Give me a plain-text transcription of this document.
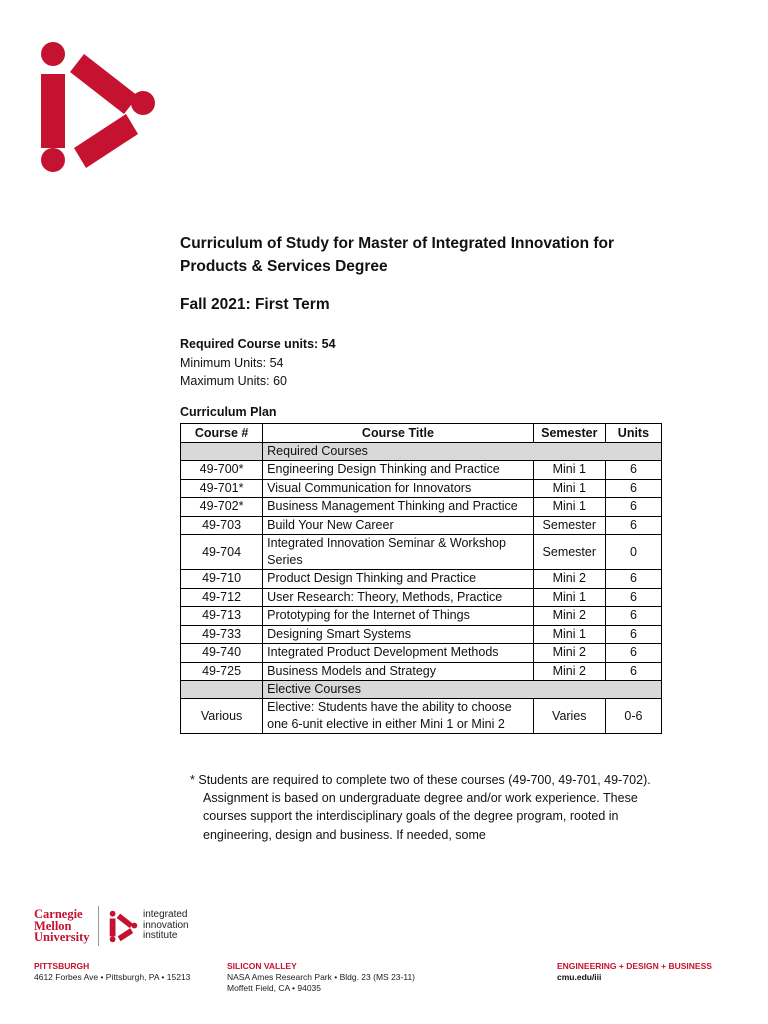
Curriculum of Study for Master of Integrated Innovation for Products & Services Degree
Fall 2021: First Term
Required Course units: 54
Minimum Units: 54
Maximum Units: 60
Curriculum Plan
Course #	Course Title	Semester	Units
	Required Courses		
49-700*	Engineering Design Thinking and Practice	Mini 1	6
49-701*	Visual Communication for Innovators	Mini 1	6
49-702*	Business Management Thinking and Practice	Mini 1	6
49-703	Build Your New Career	Semester	6
49-704	Integrated Innovation Seminar & Workshop Series	Semester	0
49-710	Product Design Thinking and Practice	Mini 2	6
49-712	User Research: Theory, Methods, Practice	Mini 1	6
49-713	Prototyping for the Internet of Things	Mini 2	6
49-733	Designing Smart Systems	Mini 1	6
49-740	Integrated Product Development Methods	Mini 2	6
49-725	Business Models and Strategy	Mini 2	6
	Elective Courses		
Various	Elective: Students have the ability to choose one 6-unit elective in either Mini 1 or Mini 2	Varies	0-6

* Students are required to complete two of these courses (49-700, 49-701, 49-702). Assignment is based on undergraduate degree and/or work experience. These courses support the interdisciplinary goals of the degree program, rooted in engineering, design and business. If needed, some

Carnegie
Mellon
University
integrated
innovation
institute
PITTSBURGH
4612 Forbes Ave • Pittsburgh, PA • 15213
SILICON VALLEY
NASA Ames Research Park • Bldg. 23 (MS 23-11)
Moffett Field, CA • 94035
ENGINEERING + DESIGN + BUSINESS
cmu.edu/iii
